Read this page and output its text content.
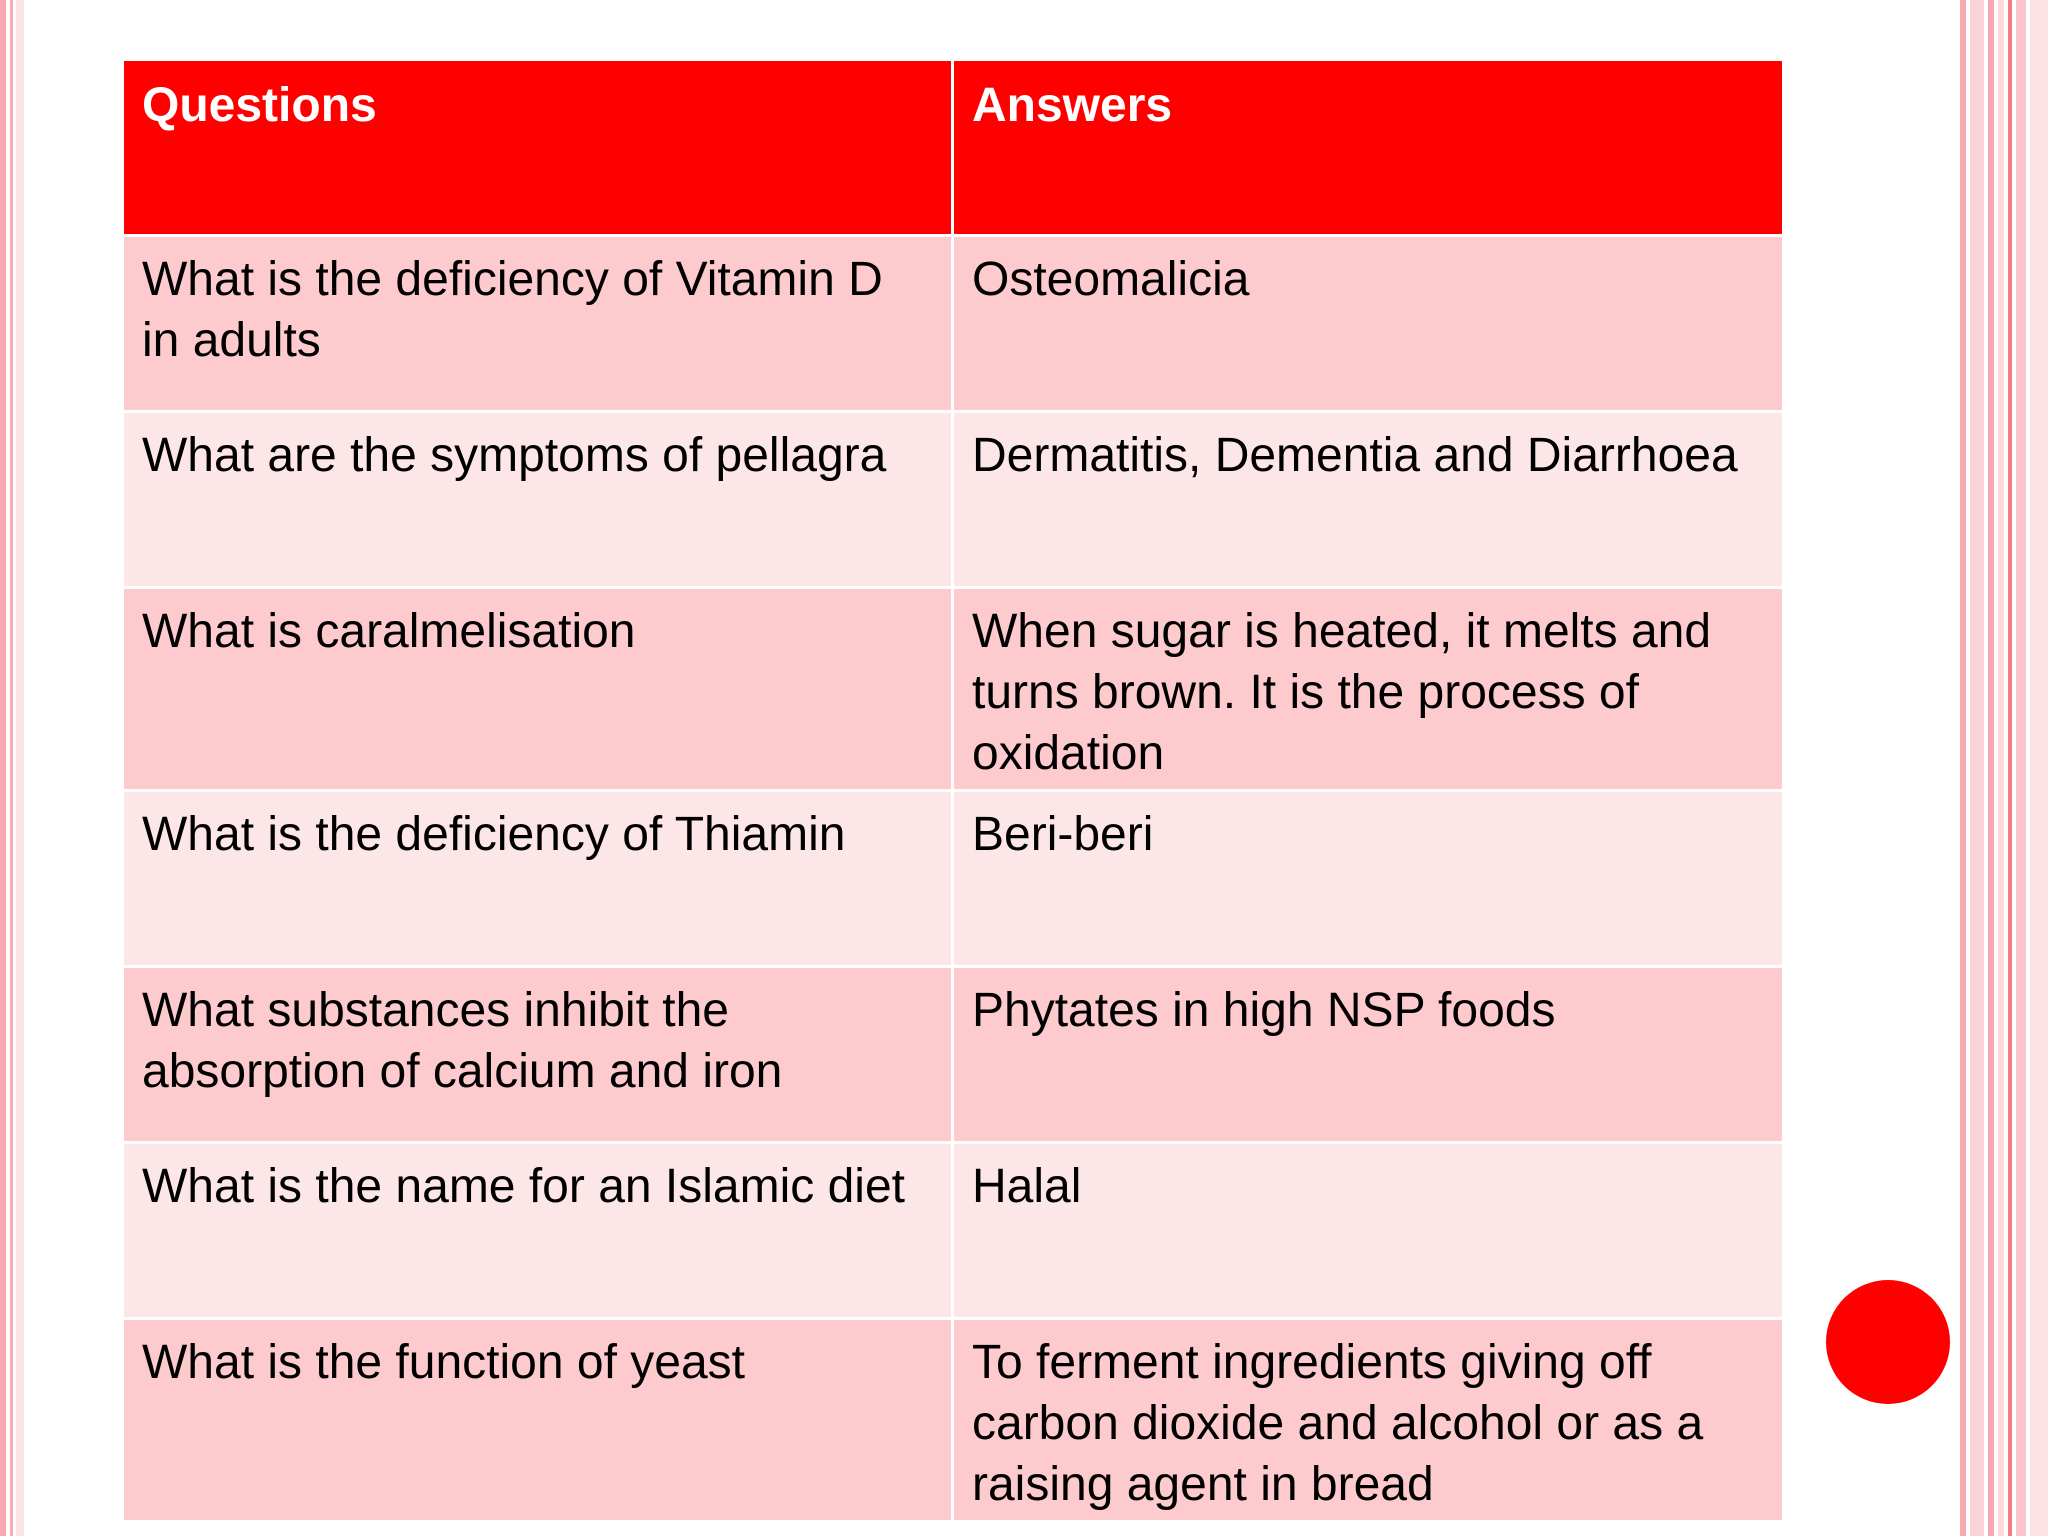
Questions	Answers
What is the deficiency of Vitamin D in adults	Osteomalicia
What are the symptoms of pellagra	Dermatitis, Dementia and Diarrhoea
What is caralmelisation	When sugar is heated, it melts and turns brown. It is the process of oxidation
What is the deficiency of Thiamin	Beri-beri
What substances inhibit the absorption of calcium and iron	Phytates in high NSP foods
What is the name for an Islamic diet	Halal
What is the function of yeast	To ferment ingredients giving off carbon dioxide and alcohol or as a raising agent in bread
